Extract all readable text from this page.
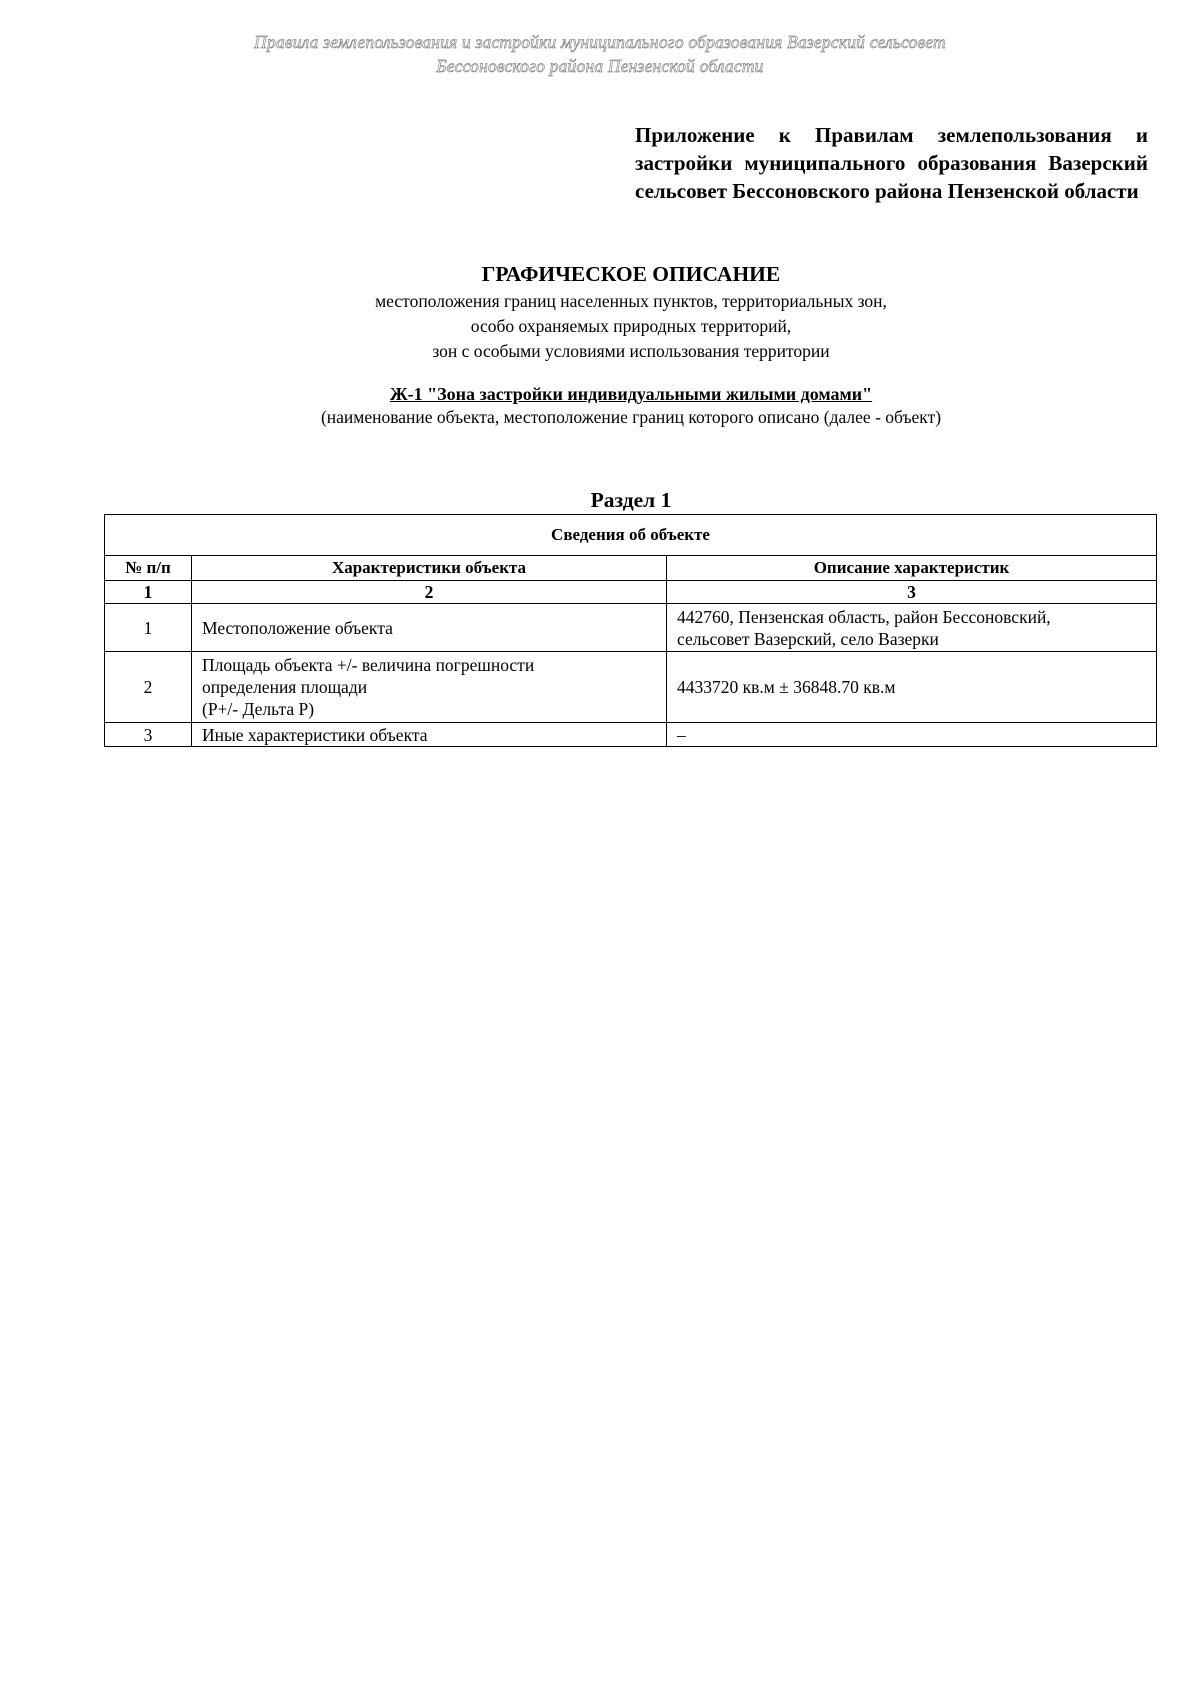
Правила землепользования и застройки муниципального образования Вазерский сельсовет
Бессоновского района Пензенской области
Приложение к Правилам землепользования и застройки муниципального образования Вазерский сельсовет Бессоновского района Пензенской области
ГРАФИЧЕСКОЕ ОПИСАНИЕ
местоположения границ населенных пунктов, территориальных зон,
особо охраняемых природных территорий,
зон с особыми условиями использования территории
Ж-1 "Зона застройки индивидуальными жилыми домами"
(наименование объекта, местоположение границ которого описано (далее - объект)
Раздел 1
Сведения об объекте		
№ п/п	Характеристики объекта	Описание характеристик
1	2	3
1	Местоположение объекта	442760, Пензенская область, район Бессоновский,
сельсовет Вазерский, село Вазерки

2	Площадь объекта +/- величина погрешности
определения площади
(P+/- Дельта P)	4433720 кв.м ± 36848.70 кв.м

3	Иные характеристики объекта	–
